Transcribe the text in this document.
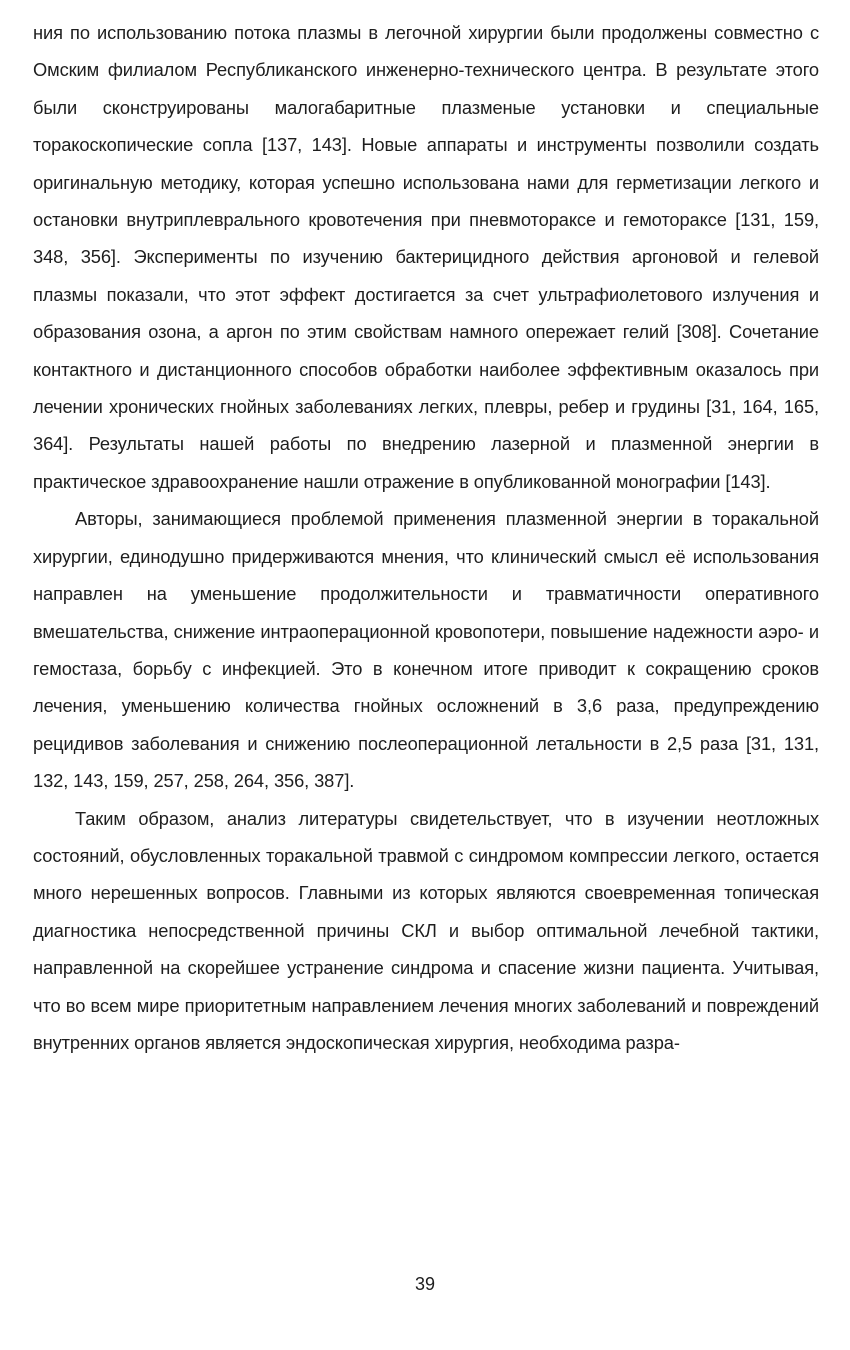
ния по использованию потока плазмы в легочной хирургии были продолжены совместно с Омским филиалом Республиканского инженерно-технического центра. В результате этого были сконструированы малогабаритные плазменые установки и специальные торакоскопические сопла [137, 143]. Новые аппараты и инструменты позволили создать оригинальную методику, которая успешно использована нами для герметизации легкого и остановки внутриплеврального кровотечения при пневмотораксе и гемотораксе [131, 159, 348, 356]. Эксперименты по изучению бактерицидного действия аргоновой и гелевой плазмы показали, что этот эффект достигается за счет ультрафиолетового излучения и образования озона, а аргон по этим свойствам намного опережает гелий [308]. Сочетание контактного и дистанционного способов обработки наиболее эффективным оказалось при лечении хронических гнойных заболеваниях легких, плевры, ребер и грудины [31, 164, 165, 364]. Результаты нашей работы по внедрению лазерной и плазменной энергии в практическое здравоохранение нашли отражение в опубликованной монографии [143].

Авторы, занимающиеся проблемой применения плазменной энергии в торакальной хирургии, единодушно придерживаются мнения, что клинический смысл её использования направлен на уменьшение продолжительности и травматичности оперативного вмешательства, снижение интраоперационной кровопотери, повышение надежности аэро- и гемостаза, борьбу с инфекцией. Это в конечном итоге приводит к сокращению сроков лечения, уменьшению количества гнойных осложнений в 3,6 раза, предупреждению рецидивов заболевания и снижению послеоперационной летальности в 2,5 раза [31, 131, 132, 143, 159, 257, 258, 264, 356, 387].

Таким образом, анализ литературы свидетельствует, что в изучении неотложных состояний, обусловленных торакальной травмой с синдромом компрессии легкого, остается много нерешенных вопросов. Главными из которых являются своевременная топическая диагностика непосредственной причины СКЛ и выбор оптимальной лечебной тактики, направленной на скорейшее устранение синдрома и спасение жизни пациента. Учитывая, что во всем мире приоритетным направлением лечения многих заболеваний и повреждений внутренних органов является эндоскопическая хирургия, необходима разра-

39
